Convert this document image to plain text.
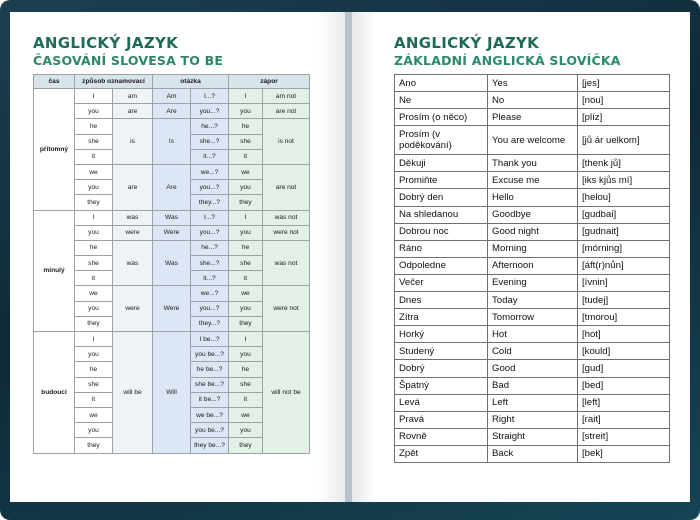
ANGLICKÝ JAZYK
ČASOVÁNÍ SLOVESA TO BE
čas	způsob oznamovací		otázka		zápor	
přítomný	I	am	Am	I...?	I	am not
	you	are	Are	you...?	you	are not
	he	is	Is	he...?	he	is not
	she			she...?	she	
	it			it...?	it	
	we	are	Are	we...?	we	are not
	you			you...?	you	
	they			they...?	they	
minulý	I	was	Was	I...?	I	was not
	you	were	Were	you...?	you	were not
	he	was	Was	he...?	he	was not
	she			she...?	she	
	it			it...?	it	
	we	were	Were	we...?	we	were not
	you			you...?	you	
	they			they...?	they	
budoucí	I	will be	Will	I be...?	I	will not be
	you			you be...?	you	
	he			he be...?	he	
	she			she be...?	she	
	it			it be...?	it	
	we			we be...?	we	
	you			you be...?	you	
	they			they be...?	they	
ANGLICKÝ JAZYK
ZÁKLADNÍ ANGLICKÁ SLOVÍČKA
Ano	Yes	[jes]
Ne	No	[nou]
Prosím (o něco)	Please	[plíz]
Prosím (v poděkování)	You are welcome	[jů ár uelkom]
Děkuji	Thank you	[thenk jů]
Promiňte	Excuse me	[iks kjůs mí]
Dobrý den	Hello	[helou]
Na shledanou	Goodbye	[gudbai]
Dobrou noc	Good night	[gudnait]
Ráno	Morning	[mórning]
Odpoledne	Afternoon	[áft(r)nůn]
Večer	Evening	[ívnin]
Dnes	Today	[tudej]
Zítra	Tomorrow	[tmorou]
Horký	Hot	[hot]
Studený	Cold	[kould]
Dobrý	Good	[gud]
Špatný	Bad	[bed]
Levá	Left	[left]
Pravá	Right	[rait]
Rovně	Straight	[streit]
Zpět	Back	[bek]
